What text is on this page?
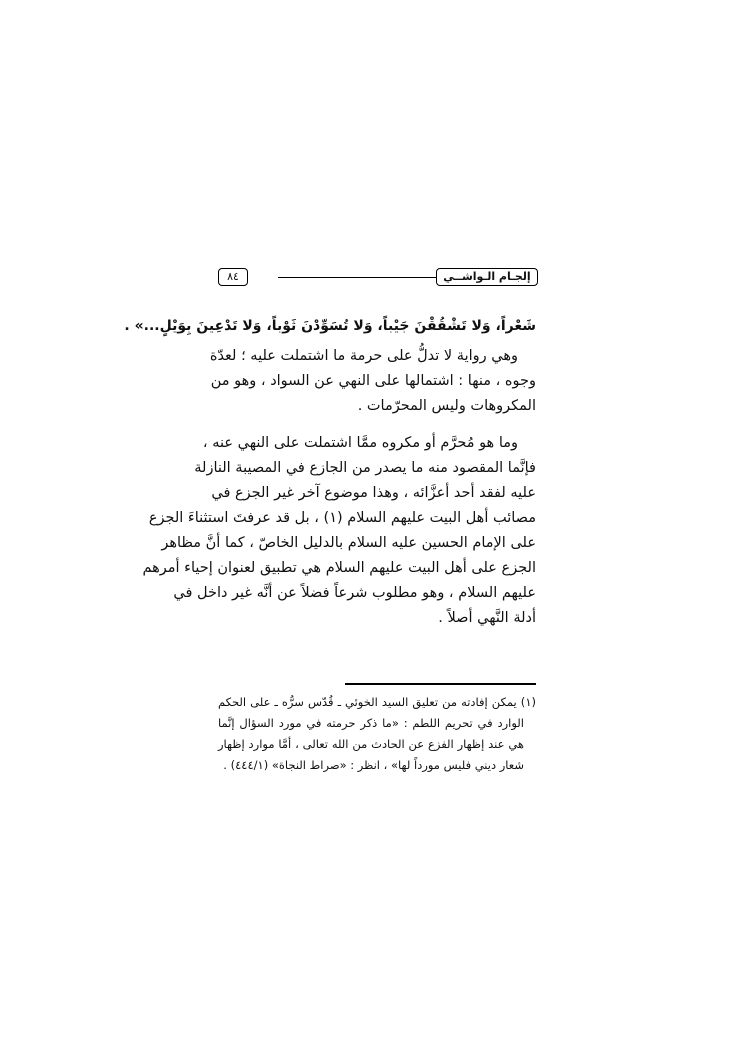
٨٤	إلجـام الـواشــي
شَعْراً، وَلا تَشْقُقْنَ جَيْباً، وَلا تُسَوِّدْنَ ثَوْباً، وَلا تَدْعِينَ بِوَيْلٍ...» .
وهي رواية لا تدلُّ على حرمة ما اشتملت عليه ؛ لعدّة
وجوه ، منها : اشتمالها على النهي عن السواد ، وهو من
المكروهات وليس المحرّمات .
وما هو مُحرَّم أو مكروه ممَّا اشتملت على النهي عنه ،
فإنَّما المقصود منه ما يصدر من الجازع في المصيبة النازلة
عليه لفقد أحد أعزَّائه ، وهذا موضوع آخر غير الجزع في
مصائب أهل البيت عليهم السلام (١) ، بل قد عرفتَ استثناءَ الجزع
على الإمام الحسين عليه السلام بالدليل الخاصّ ، كما أنَّ مظاهر
الجزع على أهل البيت عليهم السلام هي تطبيق لعنوان إحياء أمرهم
عليهم السلام ، وهو مطلوب شرعاً فضلاً عن أنَّه غير داخل في
أدلة النَّهي أصلاً .
(١) يمكن إفادته من تعليق السيد الخوئي ـ قُدّس سرُّه ـ على الحكم
الوارد في تحريم اللطم : «ما ذكر حرمته في مورد السؤال إنَّما
هي عند إظهار الفزع عن الحادث من الله تعالى ، أمَّا موارد إظهار
شعار ديني فليس مورداً لها» ، انظر : «صراط النجاة» (٤٤٤/١) .
